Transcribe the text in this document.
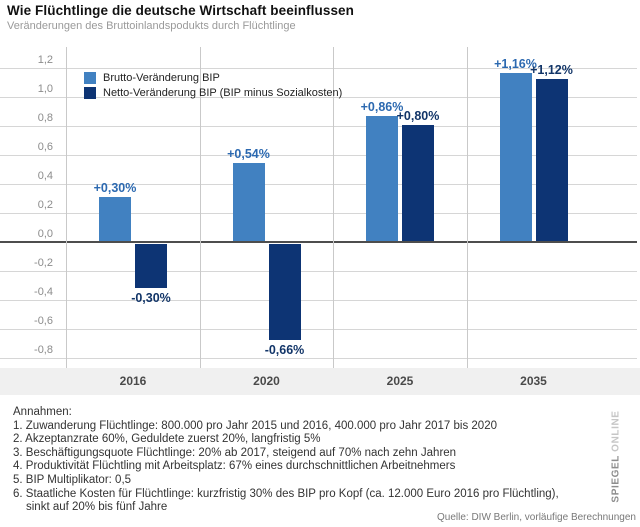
Wie Flüchtlinge die deutsche Wirtschaft beeinflussen
Veränderungen des Bruttoinlandspodukts durch Flüchtlinge
1,2
1,0
0,8
0,6
0,4
0,2
0,0
-0,2
-0,4
-0,6
-0,8
2016	2020	2025	2035
+0,30%
+0,54%
+0,86%
+1,16%
-0,30%
-0,66%
+0,80%
+1,12%
Brutto-Veränderung BIP
Netto-Veränderung BIP (BIP minus Sozialkosten)
Annahmen:
1. Zuwanderung Flüchtlinge: 800.000 pro Jahr 2015 und 2016, 400.000 pro Jahr 2017 bis 2020
2. Akzeptanzrate 60%, Geduldete zuerst 20%, langfristig 5%
3. Beschäftigungsquote Flüchtlinge: 20% ab 2017, steigend auf 70% nach zehn Jahren
4. Produktivität Flüchtling mit Arbeitsplatz: 67% eines durchschnittlichen Arbeitnehmers
5. BIP Multiplikator: 0,5
6. Staatliche Kosten für Flüchtlinge: kurzfristig 30% des BIP pro Kopf (ca. 12.000 Euro 2016 pro Flüchtling),
sinkt auf 20% bis fünf Jahre
Quelle: DIW Berlin, vorläufige Berechnungen
SPIEGEL ONLINE
